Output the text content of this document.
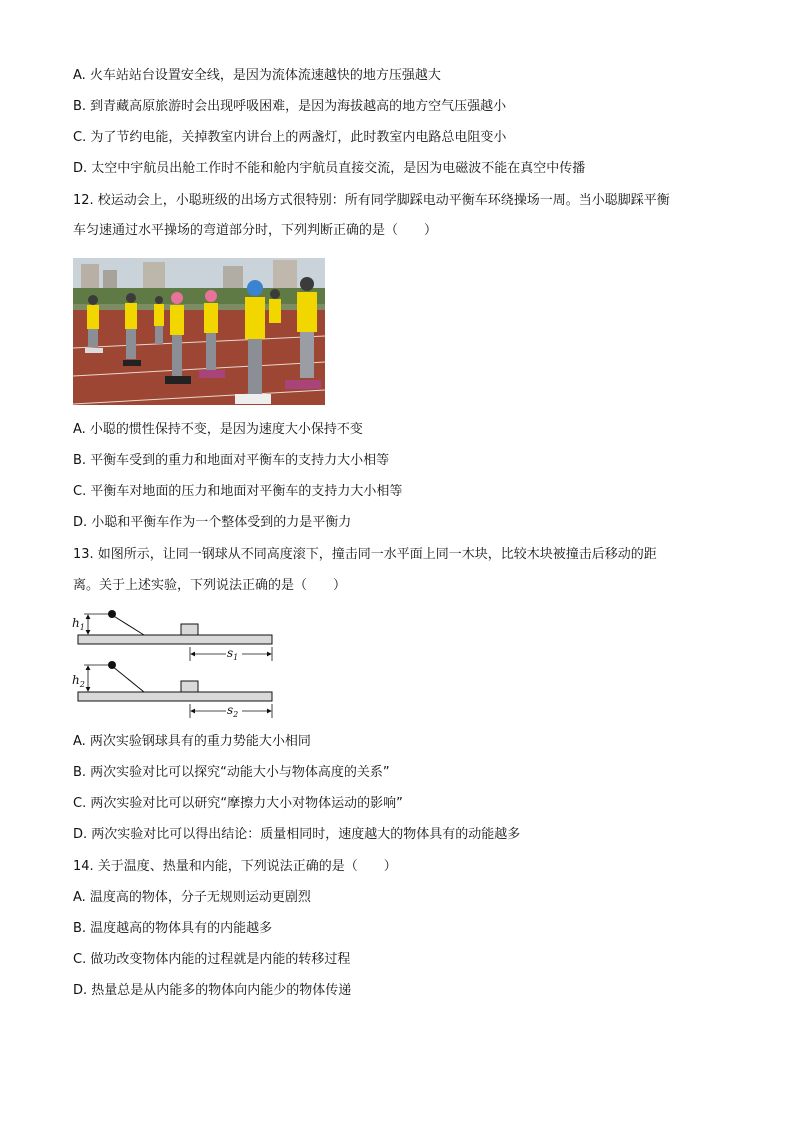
A. 火车站站台设置安全线，是因为流体流速越快的地方压强越大
B. 到青藏高原旅游时会出现呼吸困难，是因为海拔越高的地方空气压强越小
C. 为了节约电能，关掉教室内讲台上的两盏灯，此时教室内电路总电阻变小
D. 太空中宇航员出舱工作时不能和舱内宇航员直接交流，是因为电磁波不能在真空中传播
12. 校运动会上，小聪班级的出场方式很特别：所有同学脚踩电动平衡车环绕操场一周。当小聪脚踩平衡
车匀速通过水平操场的弯道部分时，下列判断正确的是（　　）
A. 小聪的惯性保持不变，是因为速度大小保持不变
B. 平衡车受到的重力和地面对平衡车的支持力大小相等
C. 平衡车对地面的压力和地面对平衡车的支持力大小相等
D. 小聪和平衡车作为一个整体受到的力是平衡力
13. 如图所示，让同一钢球从不同高度滚下，撞击同一水平面上同一木块，比较木块被撞击后移动的距
离。关于上述实验，下列说法正确的是（　　）
$h_1$
$s_1$
$h_2$
$s_2$
A. 两次实验钢球具有的重力势能大小相同
B. 两次实验对比可以探究“动能大小与物体高度的关系”
C. 两次实验对比可以研究“摩擦力大小对物体运动的影响”
D. 两次实验对比可以得出结论：质量相同时，速度越大的物体具有的动能越多
14. 关于温度、热量和内能，下列说法正确的是（　　）
A. 温度高的物体，分子无规则运动更剧烈
B. 温度越高的物体具有的内能越多
C. 做功改变物体内能的过程就是内能的转移过程
D. 热量总是从内能多的物体向内能少的物体传递
